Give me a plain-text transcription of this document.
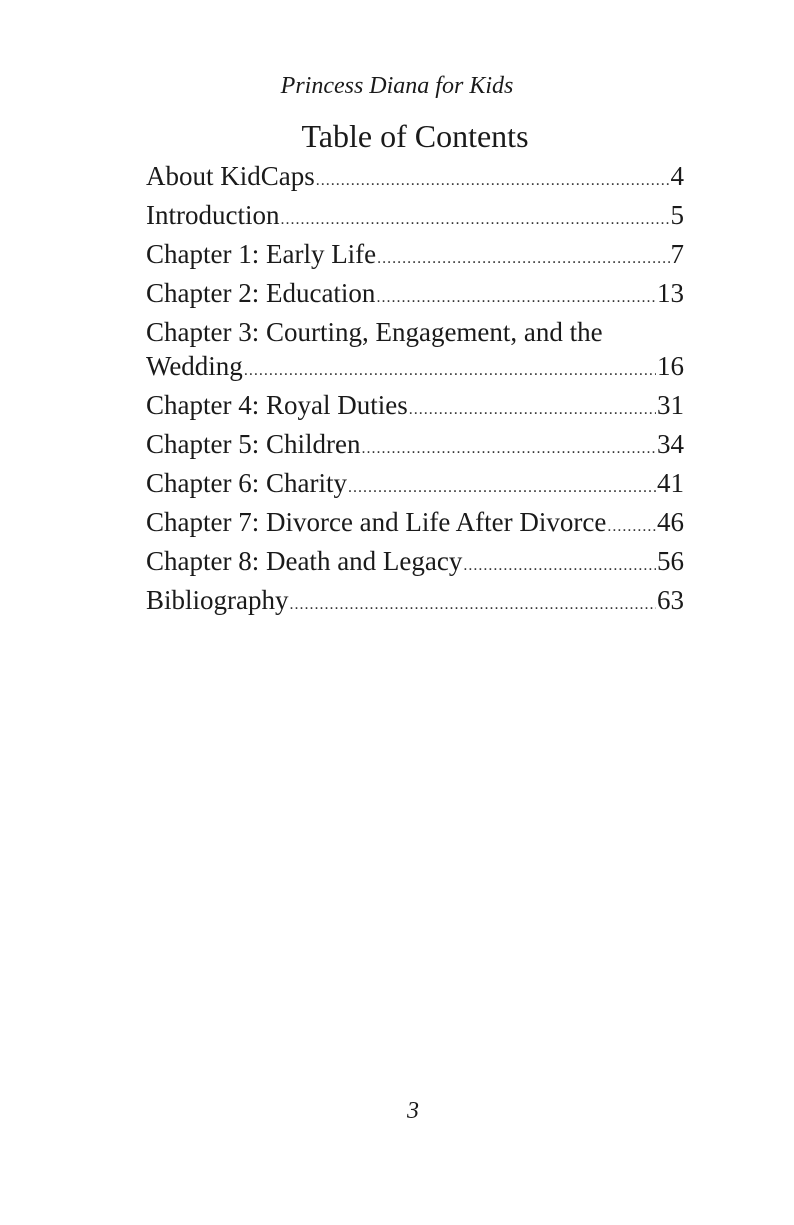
Princess Diana for Kids
Table of Contents
About KidCaps .....	4
Introduction .....	5
Chapter 1: Early Life .....	7
Chapter 2: Education .....	13
Chapter 3: Courting, Engagement, and the
Wedding .....	16
Chapter 4: Royal Duties .....	31
Chapter 5: Children .....	34
Chapter 6: Charity .....	41
Chapter 7: Divorce and Life After Divorce ..... 46
Chapter 8: Death and Legacy .....	56
Bibliography .....	63
3
